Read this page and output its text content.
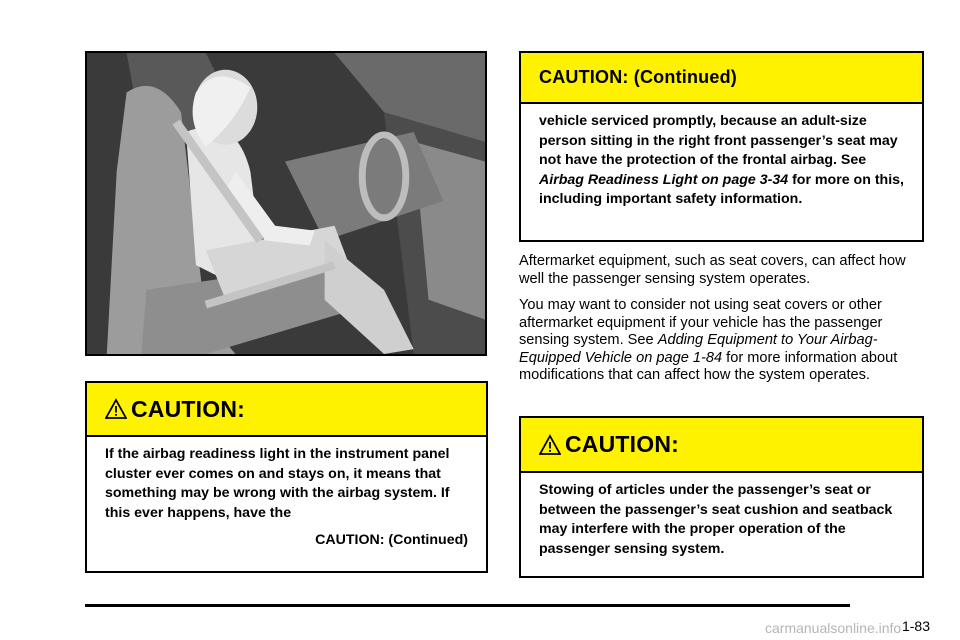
CAUTION:
If the airbag readiness light in the instrument panel cluster ever comes on and stays on, it means that something may be wrong with the airbag system. If this ever happens, have the
CAUTION: (Continued)
CAUTION: (Continued)
vehicle serviced promptly, because an adult-size person sitting in the right front passenger’s seat may not have the protection of the frontal airbag. See Airbag Readiness Light on page 3-34 for more on this, including important safety information.
Aftermarket equipment, such as seat covers, can affect how well the passenger sensing system operates.
You may want to consider not using seat covers or other aftermarket equipment if your vehicle has the passenger sensing system. See Adding Equipment to Your Airbag-Equipped Vehicle on page 1-84 for more information about modifications that can affect how the system operates.
CAUTION:
Stowing of articles under the passenger’s seat or between the passenger’s seat cushion and seatback may interfere with the proper operation of the passenger sensing system.
carmanualsonline.info 1-83
